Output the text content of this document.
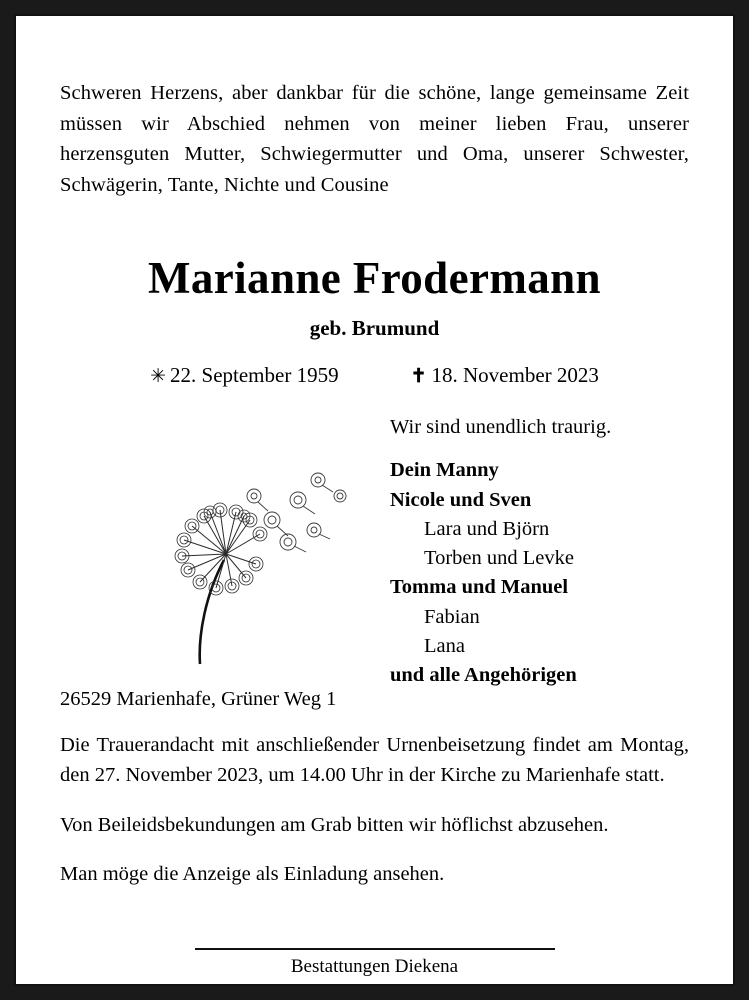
Schweren Herzens, aber dankbar für die schöne, lange gemeinsame Zeit müssen wir Abschied nehmen von meiner lieben Frau, unserer herzensguten Mutter, Schwiegermutter und Oma, unserer Schwester, Schwägerin, Tante, Nichte und Cousine
Marianne Frodermann
geb. Brumund
✳ 22. September 1959	✝ 18. November 2023
Wir sind unendlich traurig.
Dein Manny
Nicole und Sven
Lara und Björn
Torben und Levke
Tomma und Manuel
Fabian
Lana
und alle Angehörigen
26529 Marienhafe, Grüner Weg 1
Die Trauerandacht mit anschließender Urnenbeisetzung findet am Montag, den 27. November 2023, um 14.00 Uhr in der Kirche zu Marienhafe statt.
Von Beileidsbekundungen am Grab bitten wir höflichst abzusehen.
Man möge die Anzeige als Einladung ansehen.
Bestattungen Diekena
